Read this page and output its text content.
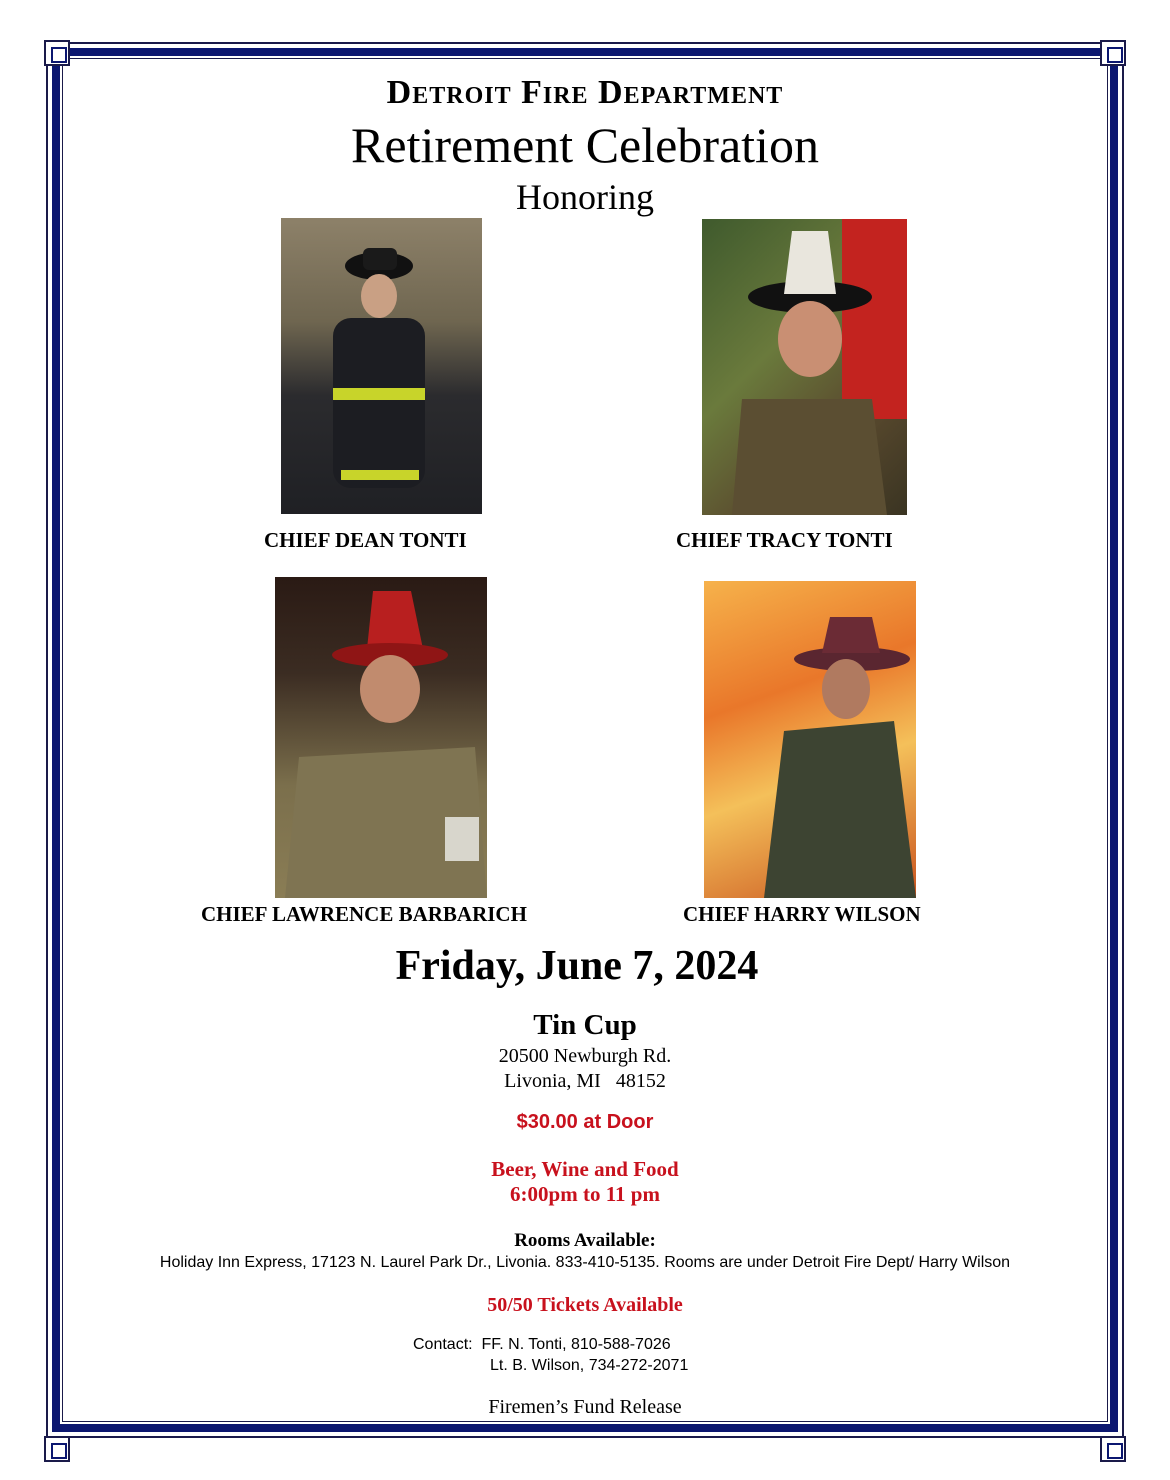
Detroit Fire Department
Retirement Celebration
Honoring
CHIEF DEAN TONTI	CHIEF TRACY TONTI
CHIEF LAWRENCE BARBARICH	CHIEF HARRY WILSON
Friday, June 7, 2024
Tin Cup
20500 Newburgh Rd.
Livonia, MI   48152
$30.00 at Door
Beer, Wine and Food
6:00pm to 11 pm
Rooms Available:
Holiday Inn Express, 17123 N. Laurel Park Dr., Livonia. 833-410-5135. Rooms are under Detroit Fire Dept/ Harry Wilson
50/50 Tickets Available
Contact: FF. N. Tonti, 810-588-7026
Lt. B. Wilson, 734-272-2071
Firemen’s Fund Release
